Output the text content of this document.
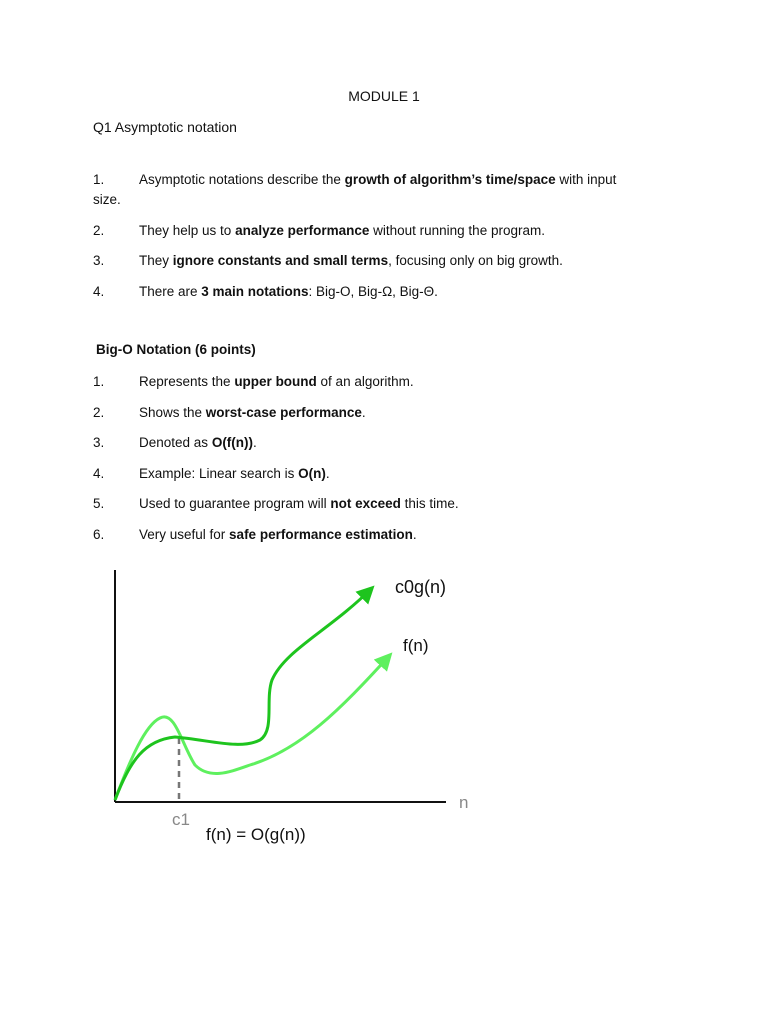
MODULE 1
Q1 Asymptotic notation
1.	Asymptotic notations describe the growth of algorithm’s time/space with input
size.
2.	They help us to analyze performance without running the program.
3.	They ignore constants and small terms, focusing only on big growth.
4.	There are 3 main notations: Big-O, Big-Ω, Big-Θ.
Big-O Notation (6 points)
1.	Represents the upper bound of an algorithm.
2.	Shows the worst-case performance.
3.	Denoted as O(f(n)).
4.	Example: Linear search is O(n).
5.	Used to guarantee program will not exceed this time.
6.	Very useful for safe performance estimation.
c0g(n)
f(n)
n
c1
f(n) = O(g(n))
